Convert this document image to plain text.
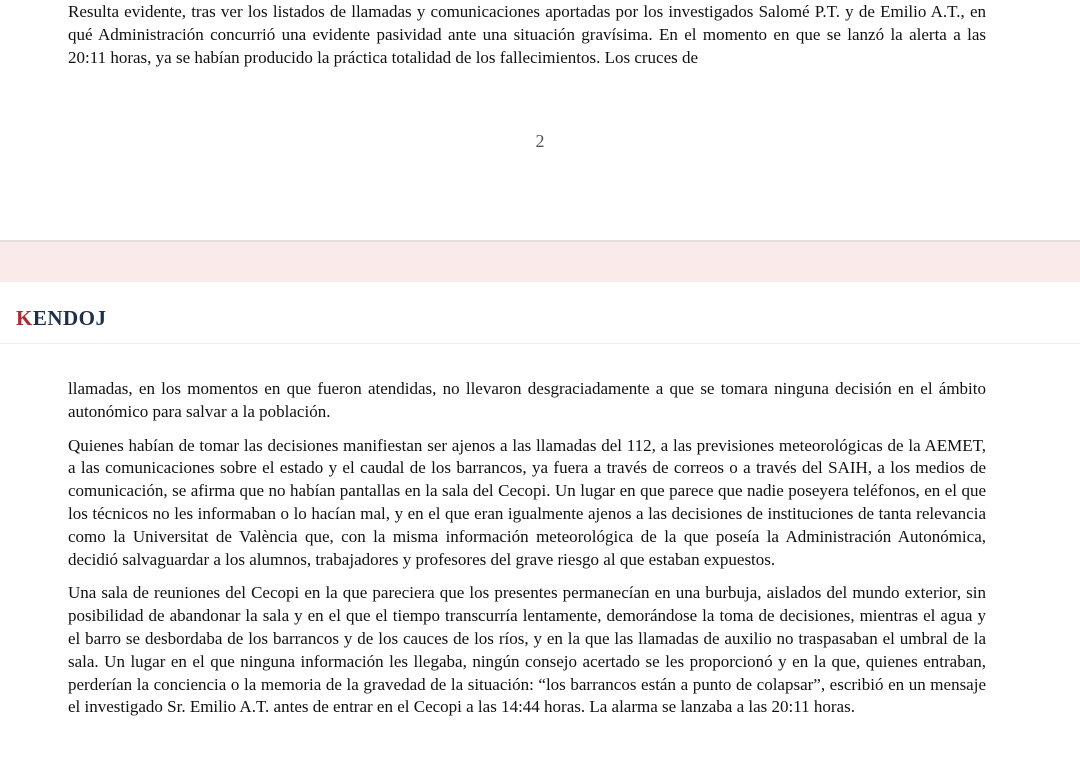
Resulta evidente, tras ver los listados de llamadas y comunicaciones aportadas por los investigados Salomé P.T. y de Emilio A.T., en qué Administración concurrió una evidente pasividad ante una situación gravísima. En el momento en que se lanzó la alerta a las 20:11 horas, ya se habían producido la práctica totalidad de los fallecimientos. Los cruces de

2
KENDOJ

llamadas, en los momentos en que fueron atendidas, no llevaron desgraciadamente a que se tomara ninguna decisión en el ámbito autonómico para salvar a la población.

Quienes habían de tomar las decisiones manifiestan ser ajenos a las llamadas del 112, a las previsiones meteorológicas de la AEMET, a las comunicaciones sobre el estado y el caudal de los barrancos, ya fuera a través de correos o a través del SAIH, a los medios de comunicación, se afirma que no habían pantallas en la sala del Cecopi. Un lugar en que parece que nadie poseyera teléfonos, en el que los técnicos no les informaban o lo hacían mal, y en el que eran igualmente ajenos a las decisiones de instituciones de tanta relevancia como la Universitat de València que, con la misma información meteorológica de la que poseía la Administración Autonómica, decidió salvaguardar a los alumnos, trabajadores y profesores del grave riesgo al que estaban expuestos.

Una sala de reuniones del Cecopi en la que pareciera que los presentes permanecían en una burbuja, aislados del mundo exterior, sin posibilidad de abandonar la sala y en el que el tiempo transcurría lentamente, demorándose la toma de decisiones, mientras el agua y el barro se desbordaba de los barrancos y de los cauces de los ríos, y en la que las llamadas de auxilio no traspasaban el umbral de la sala. Un lugar en el que ninguna información les llegaba, ningún consejo acertado se les proporcionó y en la que, quienes entraban, perderían la conciencia o la memoria de la gravedad de la situación: “los barrancos están a punto de colapsar”, escribió en un mensaje el investigado Sr. Emilio A.T. antes de entrar en el Cecopi a las 14:44 horas. La alarma se lanzaba a las 20:11 horas.
